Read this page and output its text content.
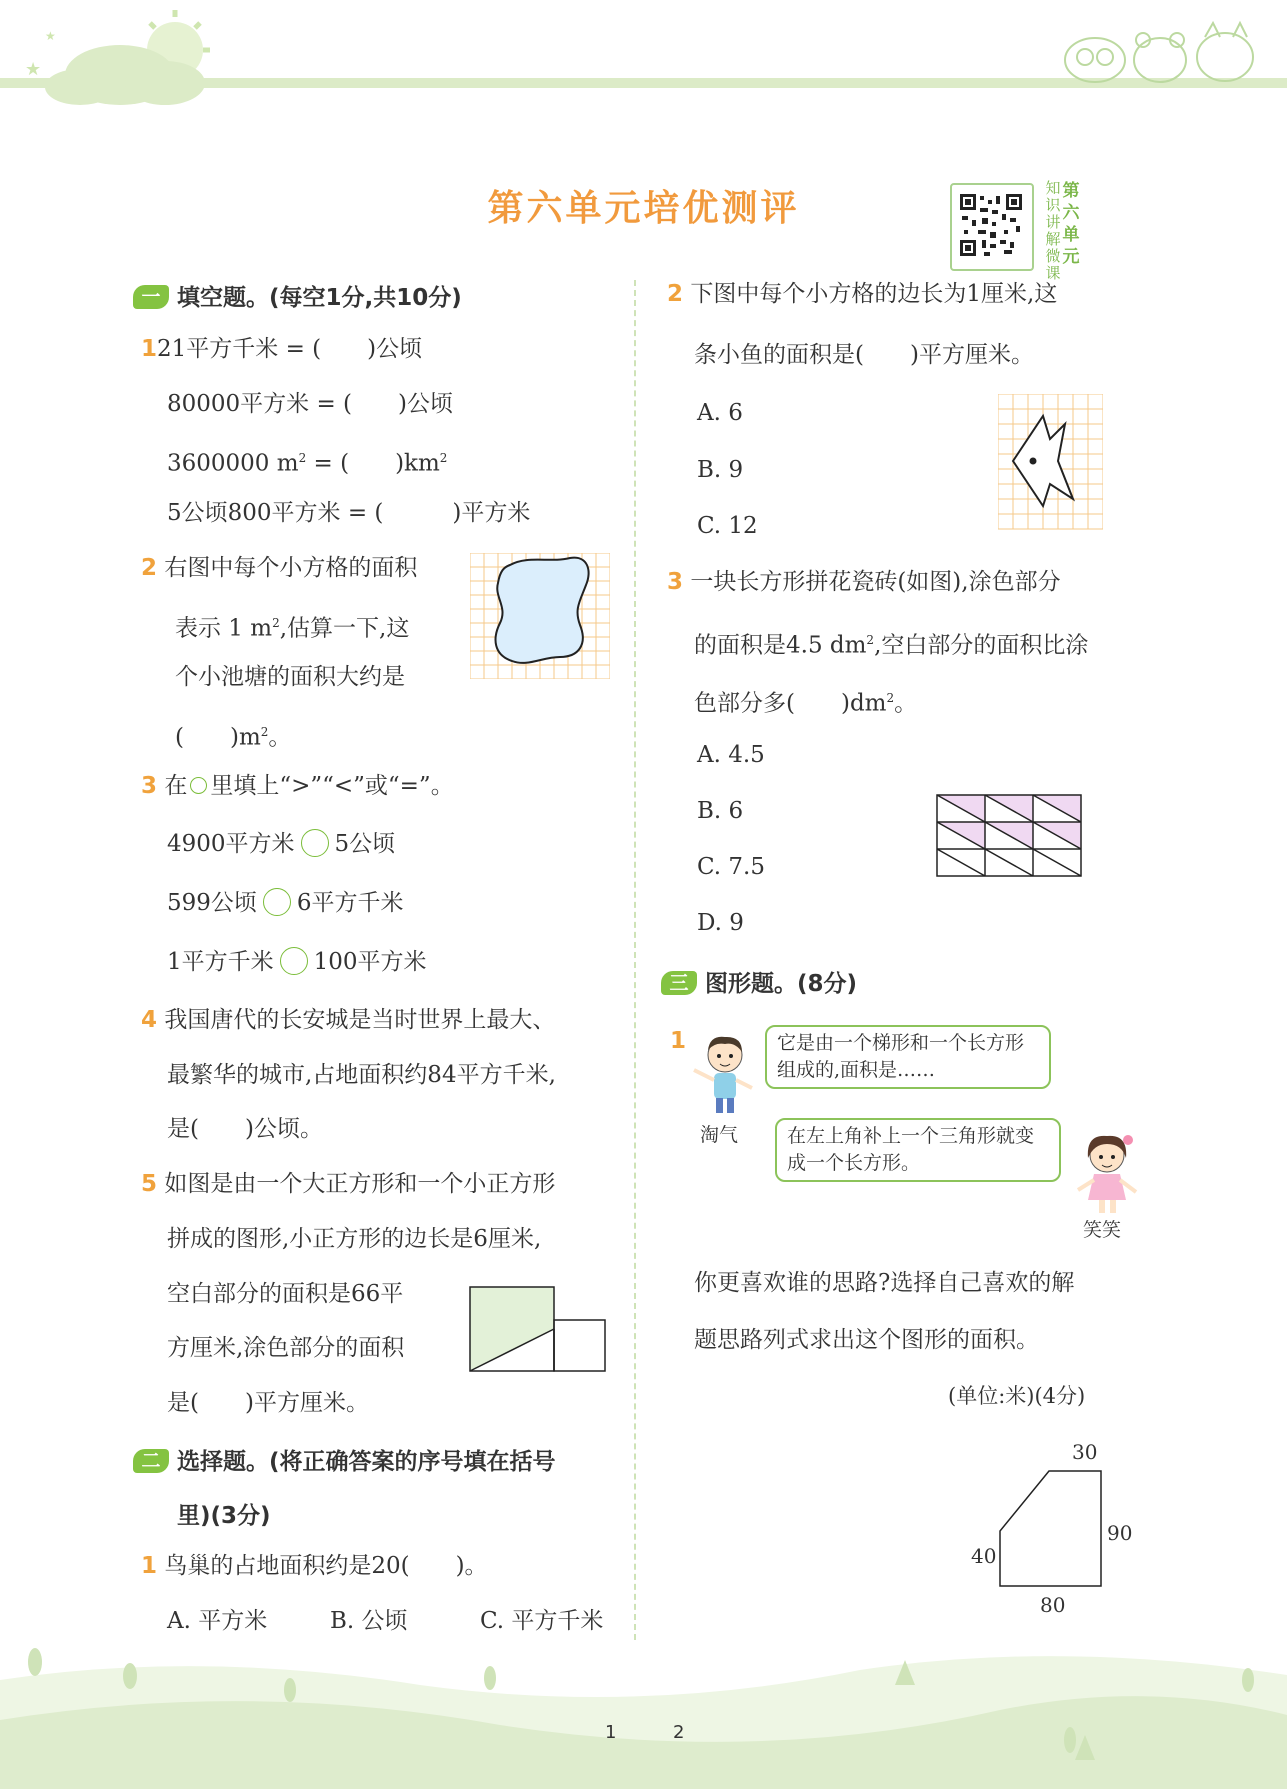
★
★
第六单元培优测评	知识讲解微课
第六单元
一 填空题。(每空1分,共10分)
121平方千米 = (　　)公顷
80000平方米 = (　　)公顷
3600000 $m^2$ = (　　)$km^2$
5公顷800平方米 = (　　　)平方米
2 右图中每个小方格的面积
表示 1 $m^2$,估算一下,这
个小池塘的面积大约是
(　　)$m^2$。
3 在 里填上“>”“<”或“=”。
4900平方米 5公顷
599公顷 6平方千米
1平方千米 100平方米
4 我国唐代的长安城是当时世界上最大、
最繁华的城市,占地面积约84平方千米,
是(　　)公顷。
5 如图是由一个大正方形和一个小正方形
拼成的图形,小正方形的边长是6厘米,
空白部分的面积是66平
方厘米,涂色部分的面积
是(　　)平方厘米。
二 选择题。(将正确答案的序号填在括号
里)(3分)
1 鸟巢的占地面积约是20(　　)。
A. 平方米	B. 公顷	C. 平方千米
2 下图中每个小方格的边长为1厘米,这
条小鱼的面积是(　　)平方厘米。
A. 6
B. 9
C. 12
3 一块长方形拼花瓷砖(如图),涂色部分
的面积是4.5 $dm^2$,空白部分的面积比涂
色部分多(　　)$dm^2$。
A. 4.5
B. 6
C. 7.5
D. 9
三 图形题。(8分)
1
淘气
它是由一个梯形和一个长方形组成的,面积是……
在左上角补上一个三角形就变成一个长方形。
笑笑
你更喜欢谁的思路?选择自己喜欢的解
题思路列式求出这个图形的面积。
(单位:米)(4分)
30
90
40
80
1	2
